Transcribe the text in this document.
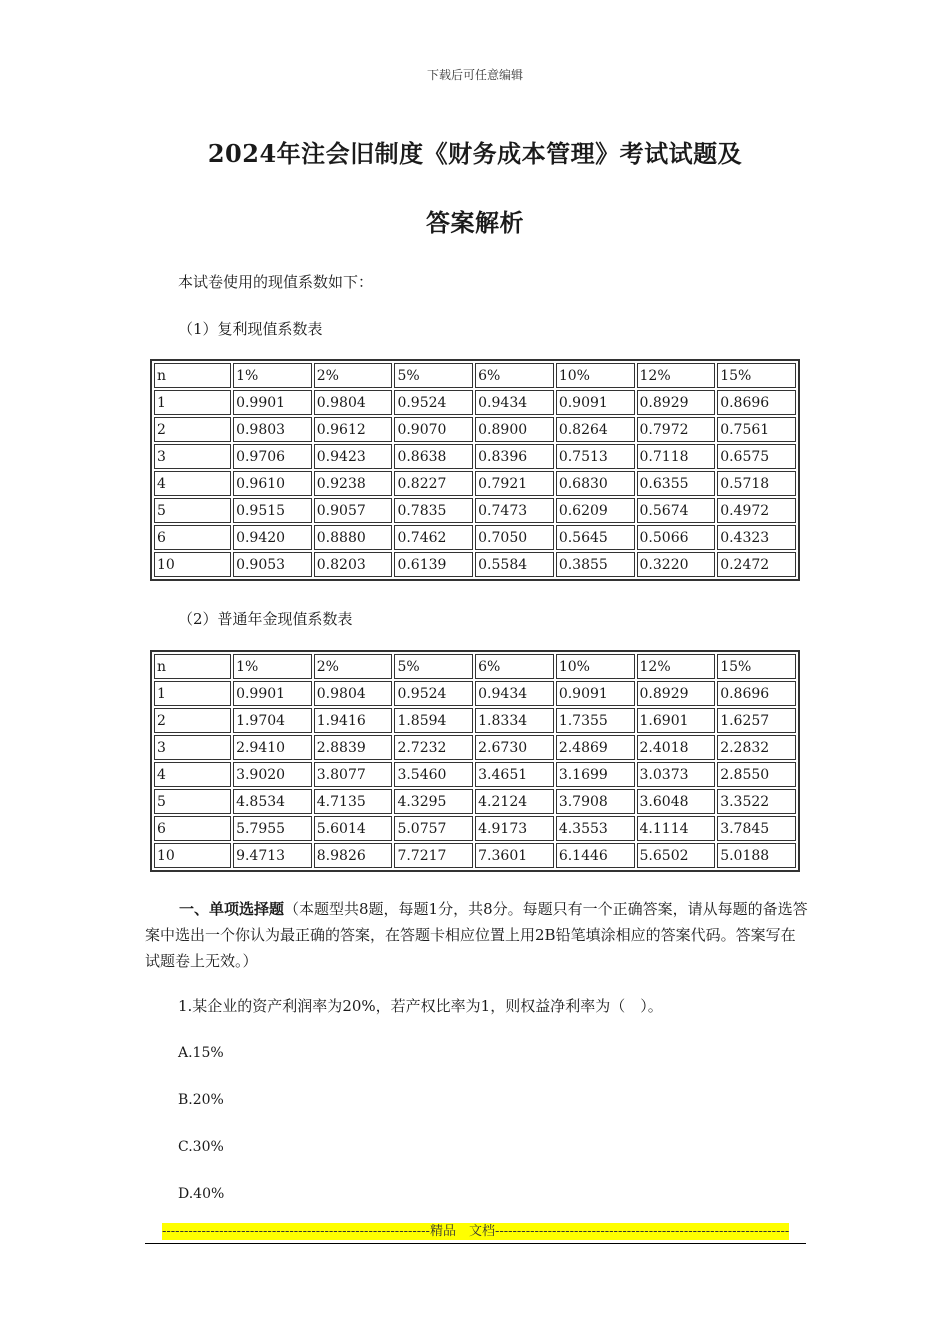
下载后可任意编辑
2024年注会旧制度《财务成本管理》考试试题及
答案解析
本试卷使用的现值系数如下：
（1）复利现值系数表
n	1%	2%	5%	6%	10%	12%	15%
1	0.9901	0.9804	0.9524	0.9434	0.9091	0.8929	0.8696
2	0.9803	0.9612	0.9070	0.8900	0.8264	0.7972	0.7561
3	0.9706	0.9423	0.8638	0.8396	0.7513	0.7118	0.6575
4	0.9610	0.9238	0.8227	0.7921	0.6830	0.6355	0.5718
5	0.9515	0.9057	0.7835	0.7473	0.6209	0.5674	0.4972
6	0.9420	0.8880	0.7462	0.7050	0.5645	0.5066	0.4323
10	0.9053	0.8203	0.6139	0.5584	0.3855	0.3220	0.2472
（2）普通年金现值系数表
n	1%	2%	5%	6%	10%	12%	15%
1	0.9901	0.9804	0.9524	0.9434	0.9091	0.8929	0.8696
2	1.9704	1.9416	1.8594	1.8334	1.7355	1.6901	1.6257
3	2.9410	2.8839	2.7232	2.6730	2.4869	2.4018	2.2832
4	3.9020	3.8077	3.5460	3.4651	3.1699	3.0373	2.8550
5	4.8534	4.7135	4.3295	4.2124	3.7908	3.6048	3.3522
6	5.7955	5.6014	5.0757	4.9173	4.3553	4.1114	3.7845
10	9.4713	8.9826	7.7217	7.3601	6.1446	5.6502	5.0188
一、单项选择题（本题型共8题，每题1分，共8分。每题只有一个正确答案，请从每题的备选答案中选出一个你认为最正确的答案，在答题卡相应位置上用2B铅笔填涂相应的答案代码。答案写在试题卷上无效。）
1.某企业的资产利润率为20%，若产权比率为1，则权益净利率为（　）。
A.15%
B.20%
C.30%
D.40%
-------------------------------------------------------------精品　文档-------------------------------------------------------------------
